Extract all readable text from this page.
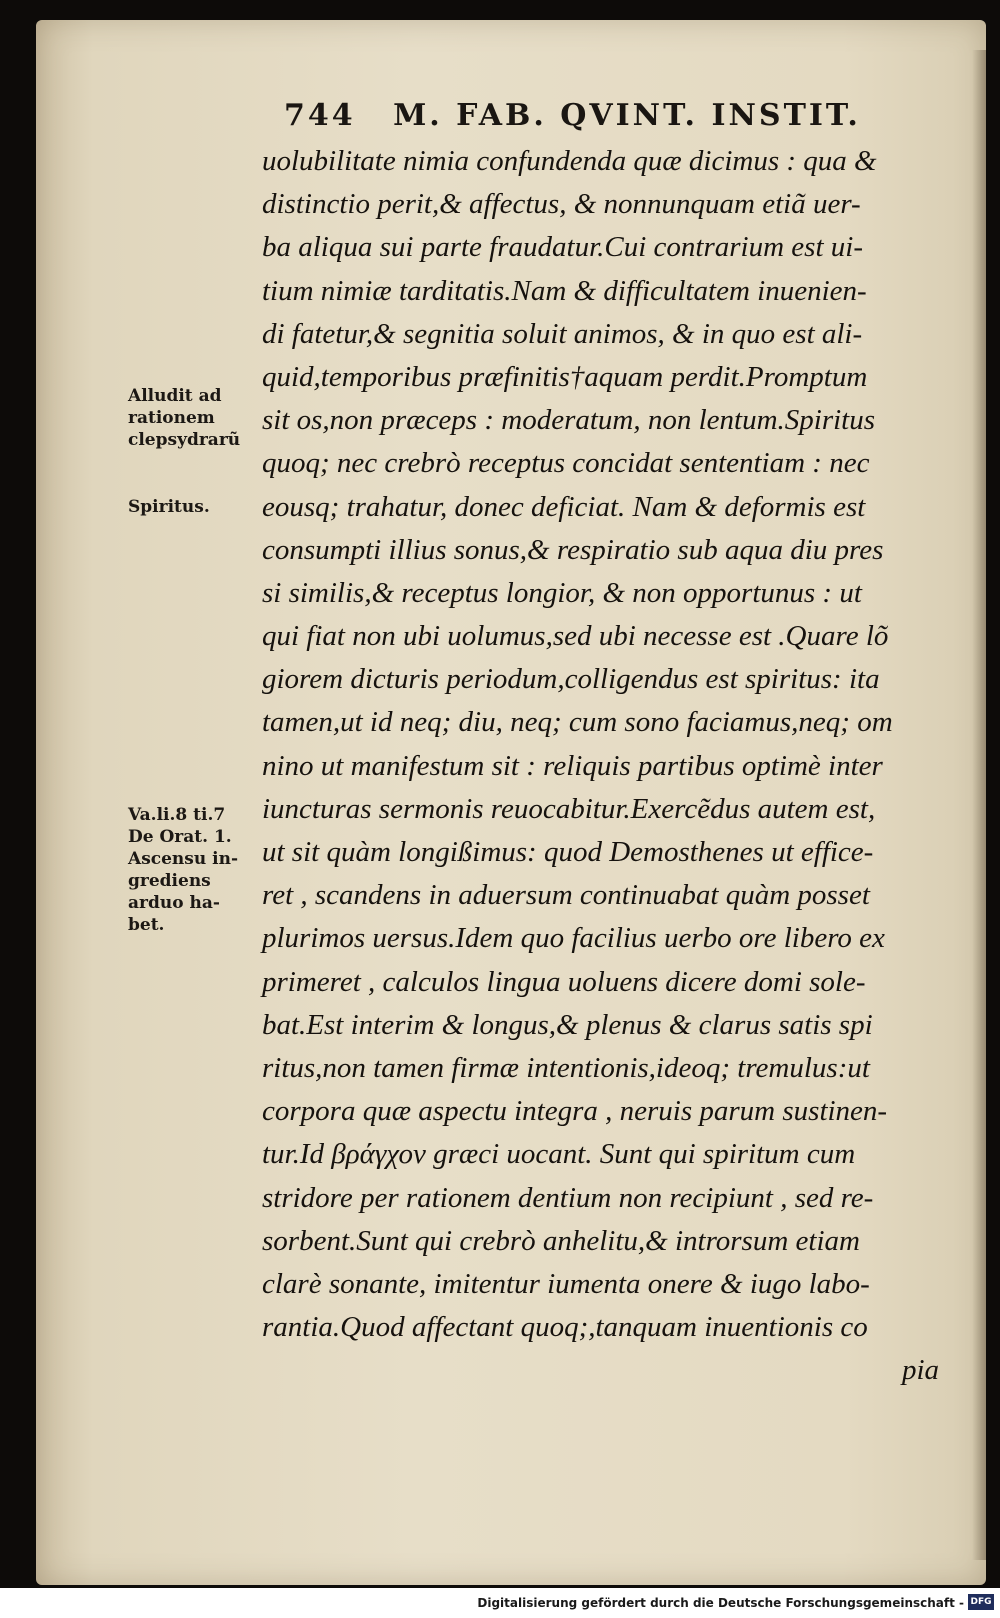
744 M. FAB. QVINT. INSTIT.
Alludit ad
rationem
clepsydrarũ
Spiritus.
Va.li.8 ti.7
De Orat. 1.
Ascensu in-
grediens
arduo ha-
bet.
uolubilitate nimia confundenda quæ dicimus : qua &
distinctio perit,& affectus, & nonnunquam etiã uer-
ba aliqua sui parte fraudatur.Cui contrarium est ui-
tium nimiæ tarditatis.Nam & difficultatem inuenien-
di fatetur,& segnitia soluit animos, & in quo est ali-
quid,temporibus præfinitis†aquam perdit.Promptum
sit os,non præceps : moderatum, non lentum.Spiritus
quoq; nec crebrò receptus concidat sententiam : nec
eousq; trahatur, donec deficiat. Nam & deformis est
consumpti illius sonus,& respiratio sub aqua diu pres
si similis,& receptus longior, & non opportunus : ut
qui fiat non ubi uolumus,sed ubi necesse est .Quare lõ
giorem dicturis periodum,colligendus est spiritus: ita
tamen,ut id neq; diu, neq; cum sono faciamus,neq; om
nino ut manifestum sit : reliquis partibus optimè inter
iuncturas sermonis reuocabitur.Exercẽdus autem est,
ut sit quàm longißimus: quod Demosthenes ut effice-
ret , scandens in aduersum continuabat quàm posset
plurimos uersus.Idem quo facilius uerbo ore libero ex
primeret , calculos lingua uoluens dicere domi sole-
bat.Est interim & longus,& plenus & clarus satis spi
ritus,non tamen firmæ intentionis,ideoq; tremulus:ut
corpora quæ aspectu integra , neruis parum sustinen-
tur.Id βράγχον græci uocant. Sunt qui spiritum cum
stridore per rationem dentium non recipiunt , sed re-
sorbent.Sunt qui crebrò anhelitu,& introrsum etiam
clarè sonante, imitentur iumenta onere & iugo labo-
rantia.Quod affectant quoq;,tanquam inuentionis co
pia
Digitalisierung gefördert durch die Deutsche Forschungsgemeinschaft - DFG
